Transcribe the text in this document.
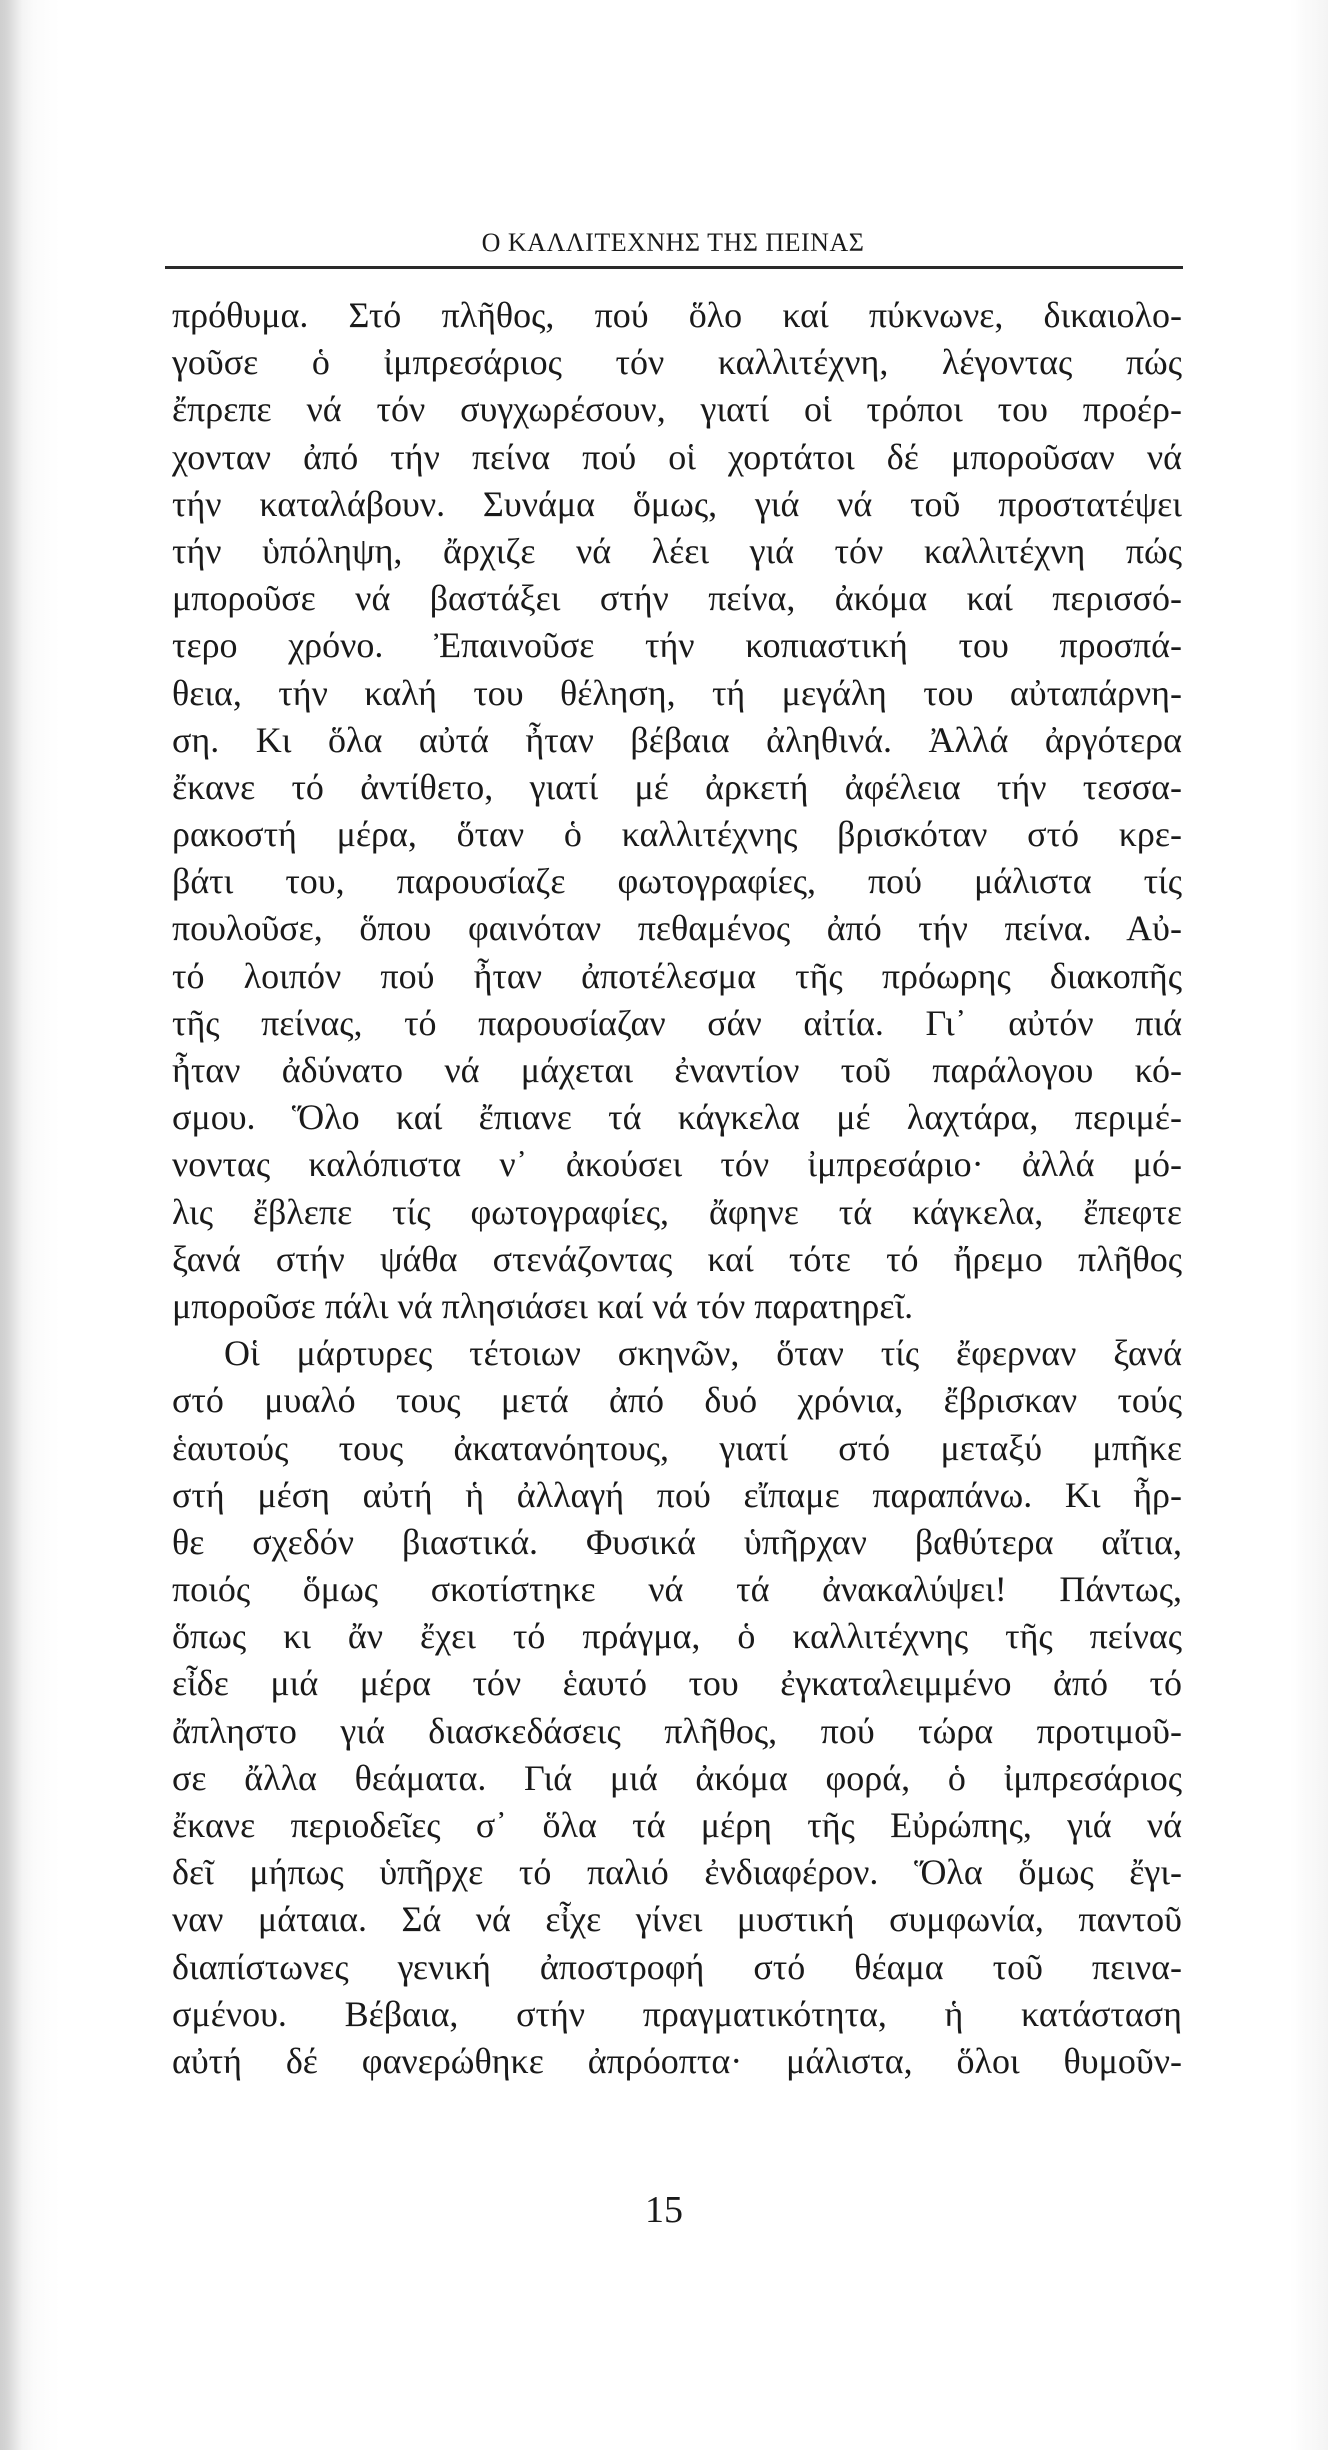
Ο ΚΑΛΛΙΤΕΧΝΗΣ ΤΗΣ ΠΕΙΝΑΣ
πρόθυμα. Στό πλῆθος, πού ὅλο καί πύκνωνε, δικαιολο-
γοῦσε ὁ ἰμπρεσάριος τόν καλλιτέχνη, λέγοντας πώς
ἔπρεπε νά τόν συγχωρέσουν, γιατί οἱ τρόποι του προέρ-
χονταν ἀπό τήν πείνα πού οἱ χορτάτοι δέ μποροῦσαν νά
τήν καταλάβουν. Συνάμα ὅμως, γιά νά τοῦ προστατέψει
τήν ὑπόληψη, ἄρχιζε νά λέει γιά τόν καλλιτέχνη πώς
μποροῦσε νά βαστάξει στήν πείνα, ἀκόμα καί περισσό-
τερο χρόνο. Ἐπαινοῦσε τήν κοπιαστική του προσπά-
θεια, τήν καλή του θέληση, τή μεγάλη του αὐταπάρνη-
ση. Κι ὅλα αὐτά ἦταν βέβαια ἀληθινά. Ἀλλά ἀργότερα
ἔκανε τό ἀντίθετο, γιατί μέ ἀρκετή ἀφέλεια τήν τεσσα-
ρακοστή μέρα, ὅταν ὁ καλλιτέχνης βρισκόταν στό κρε-
βάτι του, παρουσίαζε φωτογραφίες, πού μάλιστα τίς
πουλοῦσε, ὅπου φαινόταν πεθαμένος ἀπό τήν πείνα. Αὐ-
τό λοιπόν πού ἦταν ἀποτέλεσμα τῆς πρόωρης διακοπῆς
τῆς πείνας, τό παρουσίαζαν σάν αἰτία. Γι᾽ αὐτόν πιά
ἦταν ἀδύνατο νά μάχεται ἐναντίον τοῦ παράλογου κό-
σμου. Ὅλο καί ἔπιανε τά κάγκελα μέ λαχτάρα, περιμέ-
νοντας καλόπιστα ν᾽ ἀκούσει τόν ἰμπρεσάριο· ἀλλά μό-
λις ἔβλεπε τίς φωτογραφίες, ἄφηνε τά κάγκελα, ἔπεφτε
ξανά στήν ψάθα στενάζοντας καί τότε τό ἤρεμο πλῆθος
μποροῦσε πάλι νά πλησιάσει καί νά τόν παρατηρεῖ.
Οἱ μάρτυρες τέτοιων σκηνῶν, ὅταν τίς ἔφερναν ξανά
στό μυαλό τους μετά ἀπό δυό χρόνια, ἔβρισκαν τούς
ἑαυτούς τους ἀκατανόητους, γιατί στό μεταξύ μπῆκε
στή μέση αὐτή ἡ ἀλλαγή πού εἴπαμε παραπάνω. Κι ἦρ-
θε σχεδόν βιαστικά. Φυσικά ὑπῆρχαν βαθύτερα αἴτια,
ποιός ὅμως σκοτίστηκε νά τά ἀνακαλύψει! Πάντως,
ὅπως κι ἄν ἔχει τό πράγμα, ὁ καλλιτέχνης τῆς πείνας
εἶδε μιά μέρα τόν ἑαυτό του ἐγκαταλειμμένο ἀπό τό
ἄπληστο γιά διασκεδάσεις πλῆθος, πού τώρα προτιμοῦ-
σε ἄλλα θεάματα. Γιά μιά ἀκόμα φορά, ὁ ἰμπρεσάριος
ἔκανε περιοδεῖες σ᾽ ὅλα τά μέρη τῆς Εὐρώπης, γιά νά
δεῖ μήπως ὑπῆρχε τό παλιό ἐνδιαφέρον. Ὅλα ὅμως ἔγι-
ναν μάταια. Σά νά εἶχε γίνει μυστική συμφωνία, παντοῦ
διαπίστωνες γενική ἀποστροφή στό θέαμα τοῦ πεινα-
σμένου. Βέβαια, στήν πραγματικότητα, ἡ κατάσταση
αὐτή δέ φανερώθηκε ἀπρόοπτα· μάλιστα, ὅλοι θυμοῦν-
15
